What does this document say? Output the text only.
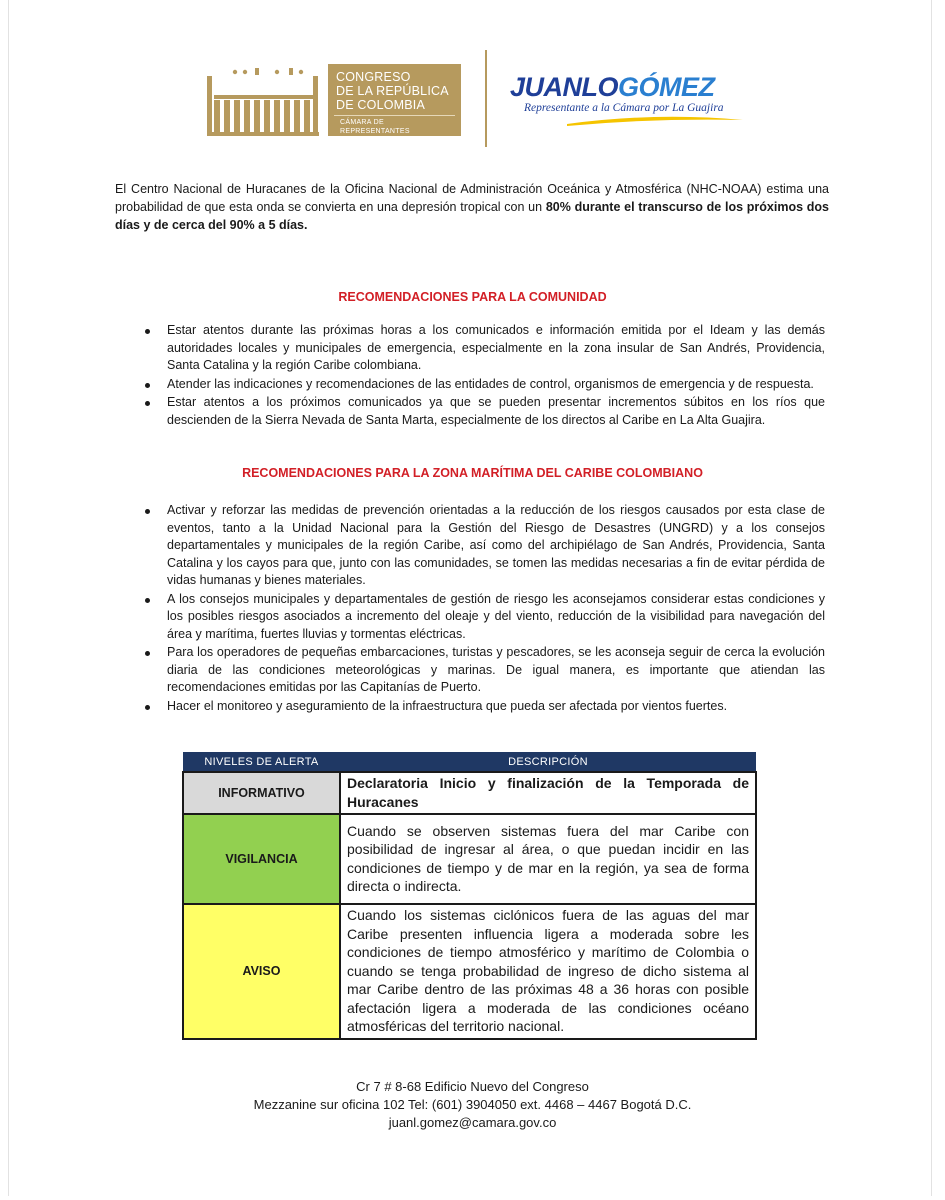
CONGRESO
DE LA REPÚBLICA
DE COLOMBIA
CÁMARA DE REPRESENTANTES
JUANLOGÓMEZ
Representante a la Cámara por La Guajira

El Centro Nacional de Huracanes de la Oficina Nacional de Administración Oceánica y Atmosférica (NHC-NOAA) estima una probabilidad de que esta onda se convierta en una depresión tropical con un 80% durante el transcurso de los próximos dos días y de cerca del 90% a 5 días.

RECOMENDACIONES PARA LA COMUNIDAD
Estar atentos durante las próximas horas a los comunicados e información emitida por el Ideam y las demás autoridades locales y municipales de emergencia, especialmente en la zona insular de San Andrés, Providencia, Santa Catalina y la región Caribe colombiana.
Atender las indicaciones y recomendaciones de las entidades de control, organismos de emergencia y de respuesta.
Estar atentos a los próximos comunicados ya que se pueden presentar incrementos súbitos en los ríos que descienden de la Sierra Nevada de Santa Marta, especialmente de los directos al Caribe en La Alta Guajira.
RECOMENDACIONES PARA LA ZONA MARÍTIMA DEL CARIBE COLOMBIANO
Activar y reforzar las medidas de prevención orientadas a la reducción de los riesgos causados por esta clase de eventos, tanto a la Unidad Nacional para la Gestión del Riesgo de Desastres (UNGRD) y a los consejos departamentales y municipales de la región Caribe, así como del archipiélago de San Andrés, Providencia, Santa Catalina y los cayos para que, junto con las comunidades, se tomen las medidas necesarias a fin de evitar pérdida de vidas humanas y bienes materiales.
A los consejos municipales y departamentales de gestión de riesgo les aconsejamos considerar estas condiciones y los posibles riesgos asociados a incremento del oleaje y del viento, reducción de la visibilidad para navegación del área y marítima, fuertes lluvias y tormentas eléctricas.
Para los operadores de pequeñas embarcaciones, turistas y pescadores, se les aconseja seguir de cerca la evolución diaria de las condiciones meteorológicas y marinas. De igual manera, es importante que atiendan las recomendaciones emitidas por las Capitanías de Puerto.
Hacer el monitoreo y aseguramiento de la infraestructura que pueda ser afectada por vientos fuertes.
NIVELES DE ALERTA	DESCRIPCIÓN
INFORMATIVO	Declaratoria Inicio y finalización de la Temporada de Huracanes
VIGILANCIA	Cuando se observen sistemas fuera del mar Caribe con posibilidad de ingresar al área, o que puedan incidir en las condiciones de tiempo y de mar en la región, ya sea de forma directa o indirecta.
AVISO	Cuando los sistemas ciclónicos fuera de las aguas del mar Caribe presenten influencia ligera a moderada sobre les condiciones de tiempo atmosférico y marítimo de Colombia o cuando se tenga probabilidad de ingreso de dicho sistema al mar Caribe dentro de las próximas 48 a 36 horas con posible afectación ligera a moderada de las condiciones océano atmosféricas del territorio nacional.
Cr 7 # 8-68 Edificio Nuevo del Congreso
Mezzanine sur oficina 102 Tel: (601) 3904050 ext. 4468 – 4467 Bogotá D.C.
juanl.gomez@camara.gov.co
